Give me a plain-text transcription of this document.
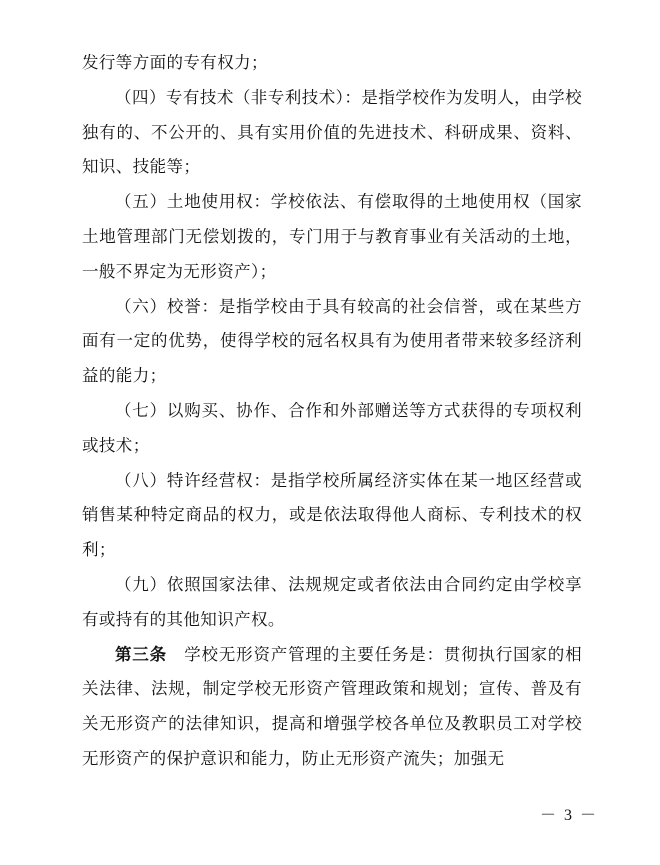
发行等方面的专有权力；

（四）专有技术（非专利技术）：是指学校作为发明人，由学校独有的、不公开的、具有实用价值的先进技术、科研成果、资料、知识、技能等；

（五）土地使用权：学校依法、有偿取得的土地使用权（国家土地管理部门无偿划拨的，专门用于与教育事业有关活动的土地，一般不界定为无形资产）；

（六）校誉：是指学校由于具有较高的社会信誉，或在某些方面有一定的优势，使得学校的冠名权具有为使用者带来较多经济利益的能力；

（七）以购买、协作、合作和外部赠送等方式获得的专项权利或技术；

（八）特许经营权：是指学校所属经济实体在某一地区经营或销售某种特定商品的权力，或是依法取得他人商标、专利技术的权利；

（九）依照国家法律、法规规定或者依法由合同约定由学校享有或持有的其他知识产权。

第三条　 学校无形资产管理的主要任务是：贯彻执行国家的相关法律、法规，制定学校无形资产管理政策和规划；宣传、普及有关无形资产的法律知识，提高和增强学校各单位及教职员工对学校无形资产的保护意识和能力，防止无形资产流失；加强无

－ 3 －
